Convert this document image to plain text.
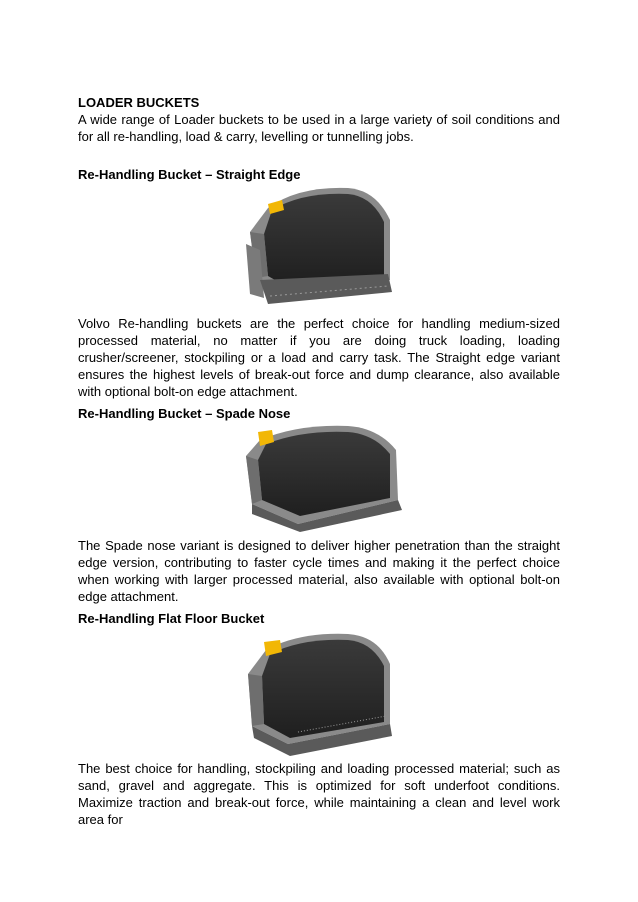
LOADER BUCKETS

A wide range of Loader buckets to be used in a large variety of soil conditions and for all re-handling, load & carry, levelling or tunnelling jobs.

Re-Handling Bucket – Straight Edge

Volvo Re-handling buckets are the perfect choice for handling medium-sized processed material, no matter if you are doing truck loading, loading crusher/screener, stockpiling or a load and carry task. The Straight edge variant ensures the highest levels of break-out force and dump clearance, also available with optional bolt-on edge attachment.

Re-Handling Bucket – Spade Nose

The Spade nose variant is designed to deliver higher penetration than the straight edge version, contributing to faster cycle times and making it the perfect choice when working with larger processed material, also available with optional bolt-on edge attachment.

Re-Handling Flat Floor Bucket

The best choice for handling, stockpiling and loading processed material; such as sand, gravel and aggregate. This is optimized for soft underfoot conditions. Maximize traction and break-out force, while maintaining a clean and level work area for
